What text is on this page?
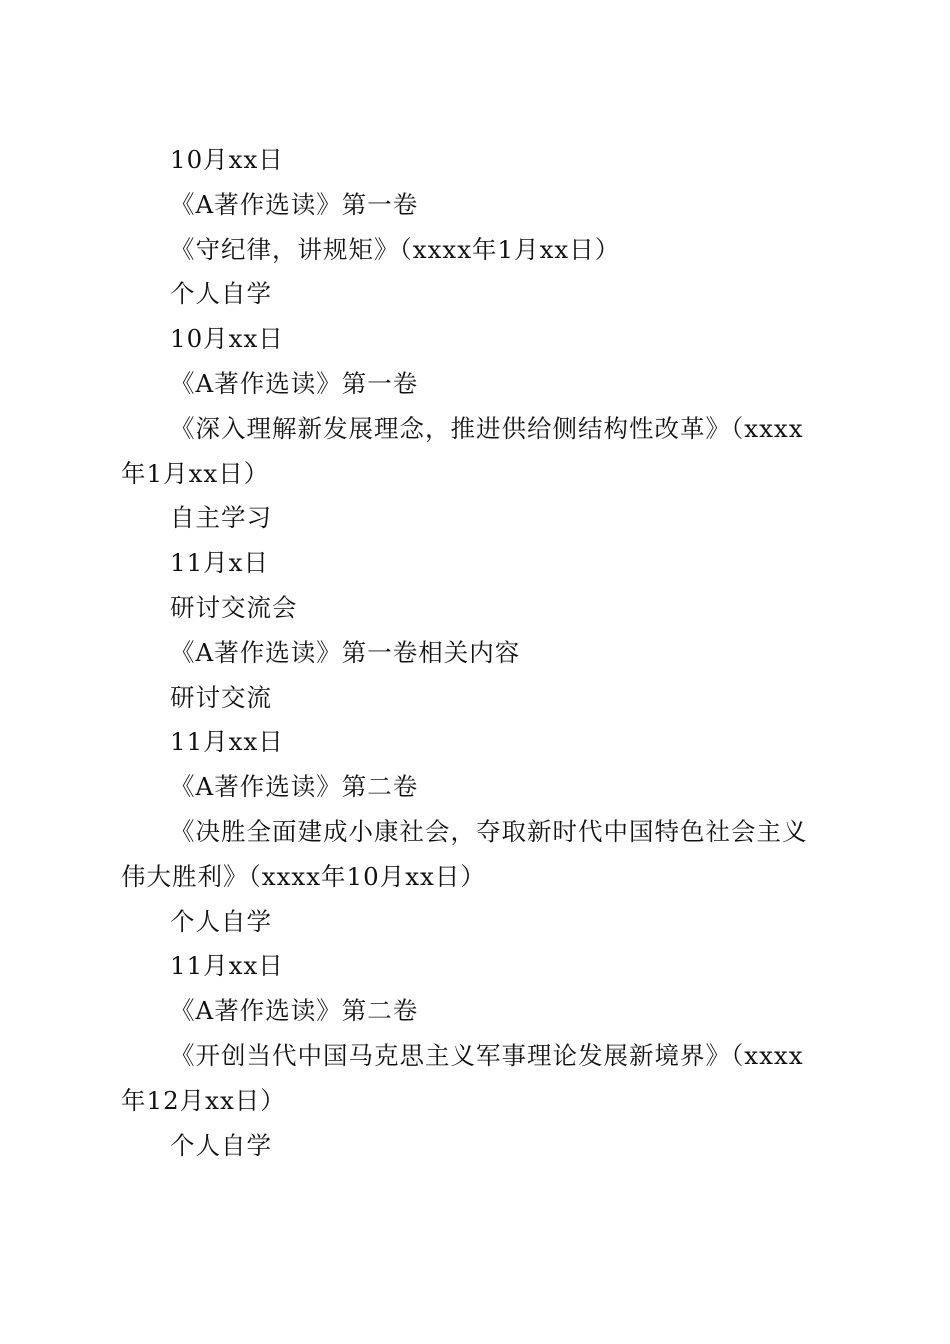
10月xx日

《A著作选读》第一卷

《守纪律，讲规矩》（xxxx年1月xx日）

个人自学

10月xx日

《A著作选读》第一卷

《深入理解新发展理念，推进供给侧结构性改革》（xxxx年1月xx日）

自主学习

11月x日

研讨交流会

《A著作选读》第一卷相关内容

研讨交流

11月xx日

《A著作选读》第二卷

《决胜全面建成小康社会，夺取新时代中国特色社会主义伟大胜利》（xxxx年10月xx日）

个人自学

11月xx日

《A著作选读》第二卷

《开创当代中国马克思主义军事理论发展新境界》（xxxx年12月xx日）

个人自学
